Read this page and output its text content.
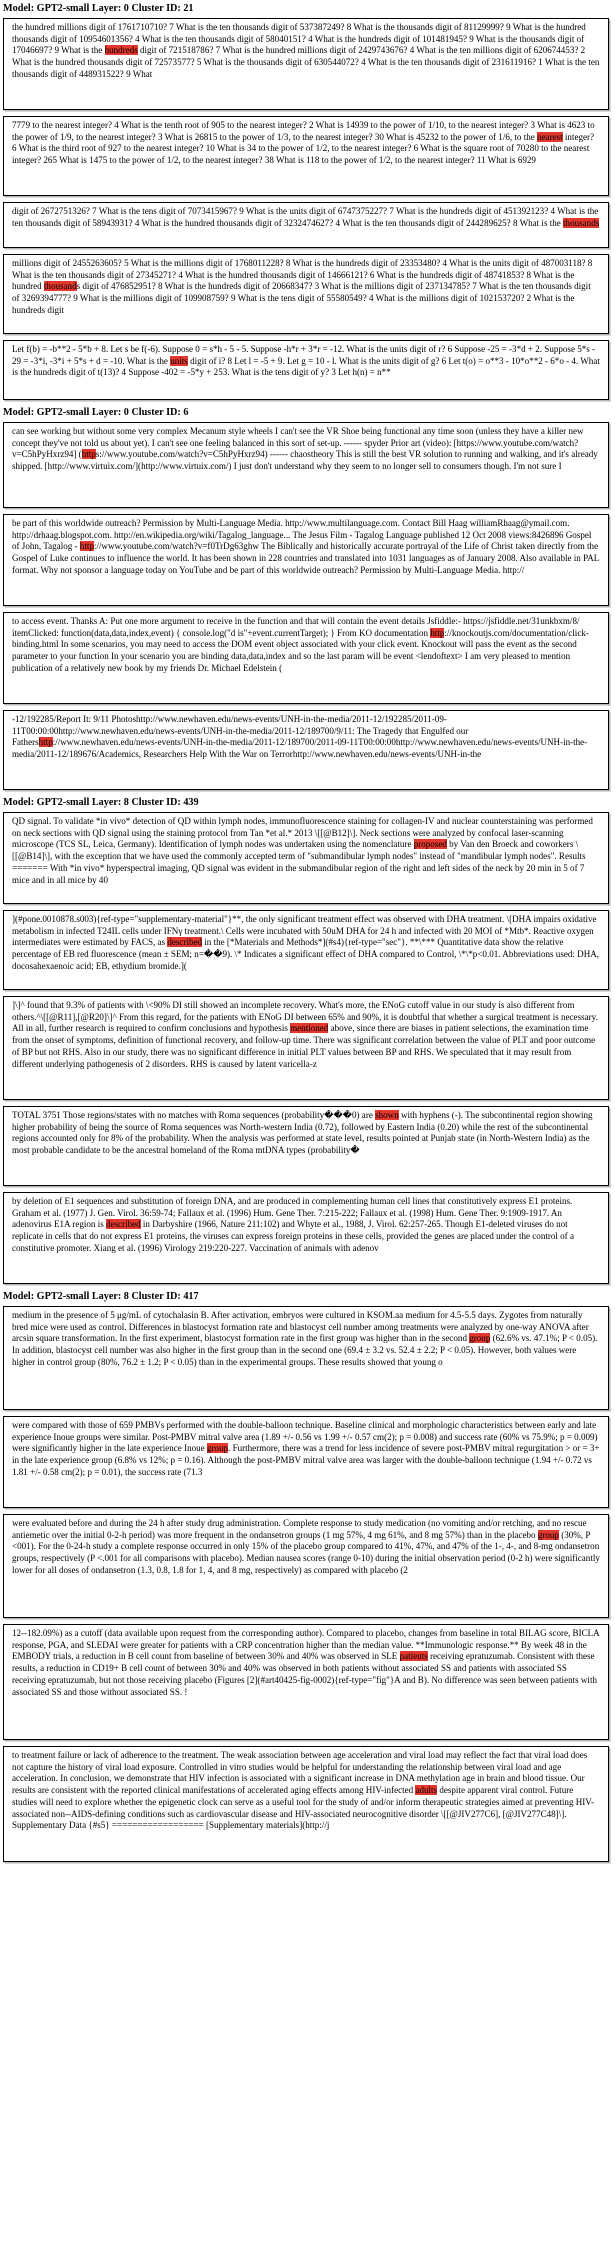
Model: GPT2-small Layer: 0 Cluster ID: 21
the hundred millions digit of 1761710710? 7 What is the ten thousands digit of 537387249? 8 What is the thousands digit of 81129999? 9 What is the hundred thousands digit of 10954601356? 4 What is the ten thousands digit of 58040151? 4 What is the hundreds digit of 101481945? 9 What is the thousands digit of 17046697? 9 What is the hundreds digit of 721518786? 7 What is the hundred millions digit of 2429743676? 4 What is the ten millions digit of 620674453? 2 What is the hundred thousands digit of 72573577? 5 What is the thousands digit of 630544072? 4 What is the ten thousands digit of 231611916? 1 What is the ten thousands digit of 448931522? 9 What
7779 to the nearest integer? 4 What is the tenth root of 905 to the nearest integer? 2 What is 14939 to the power of 1/10, to the nearest integer? 3 What is 4623 to the power of 1/9, to the nearest integer? 3 What is 26815 to the power of 1/3, to the nearest integer? 30 What is 45232 to the power of 1/6, to the nearest integer? 6 What is the third root of 927 to the nearest integer? 10 What is 34 to the power of 1/2, to the nearest integer? 6 What is the square root of 70280 to the nearest integer? 265 What is 1475 to the power of 1/2, to the nearest integer? 38 What is 118 to the power of 1/2, to the nearest integer? 11 What is 6929
digit of 2672751326? 7 What is the tens digit of 7073415967? 9 What is the units digit of 6747375227? 7 What is the hundreds digit of 451392123? 4 What is the ten thousands digit of 58943931? 4 What is the hundred thousands digit of 3232474627? 4 What is the ten thousands digit of 244289625? 8 What is the thousands
millions digit of 2455263605? 5 What is the millions digit of 1768011228? 8 What is the hundreds digit of 23353480? 4 What is the units digit of 487003118? 8 What is the ten thousands digit of 27345271? 4 What is the hundred thousands digit of 14666121? 6 What is the hundreds digit of 48741853? 8 What is the hundred thousands digit of 476852951? 8 What is the hundreds digit of 20668347? 3 What is the millions digit of 237134785? 7 What is the ten thousands digit of 3269394777? 9 What is the millions digit of 109908759? 9 What is the tens digit of 55580549? 4 What is the millions digit of 102153720? 2 What is the hundreds digit
Let f(b) = -b**2 - 5*b + 8. Let s be f(-6). Suppose 0 = s*h - 5 - 5. Suppose -h*r + 3*r = -12. What is the units digit of r? 6 Suppose -25 = -3*d + 2. Suppose 5*s - 29 = -3*i, -3*i + 5*s + d = -10. What is the units digit of i? 8 Let l = -5 + 9. Let g = 10 - l. What is the units digit of g? 6 Let t(o) = o**3 - 10*o**2 - 6*o - 4. What is the hundreds digit of t(13)? 4 Suppose -402 = -5*y + 253. What is the tens digit of y? 3 Let h(n) = n**
Model: GPT2-small Layer: 0 Cluster ID: 6
can see working but without some very complex Mecanum style wheels I can't see the VR Shoe being functional any time soon (unless they have a killer new concept they've not told us about yet). I can't see one feeling balanced in this sort of set-up. ------ spyder Prior art (video): [https://www.youtube.com/watch?v=C5hPyHxrz94] (https://www.youtube.com/watch?v=C5hPyHxrz94) ------ chaostheory This is still the best VR solution to running and walking, and it's already shipped. [http://www.virtuix.com/](http://www.virtuix.com/) I just don't understand why they seem to no longer sell to consumers though. I'm not sure I
be part of this worldwide outreach? Permission by Multi-Language Media. http://www.multilanguage.com. Contact Bill Haag williamRhaag@ymail.com. http://drhaag.blogspot.com. http://en.wikipedia.org/wiki/Tagalog_language... The Jesus Film - Tagalog Language published 12 Oct 2008 views:8426896 Gospel of John, Tagalog - http://www.youtube.com/watch?v=f0TrDg63ghw The Biblically and historically accurate portrayal of the Life of Christ taken directly from the Gospel of Luke continues to influence the world. It has been shown in 228 countries and translated into 1031 languages as of January 2008. Also available in PAL format. Why not sponsor a language today on YouTube and be part of this worldwide outreach? Permission by Multi-Language Media. http://
to access event. Thanks A: Put one more argument to receive in the function and that will contain the event details Jsfiddle:- https://jsfiddle.net/31unkbxm/8/ itemClicked: function(data,data,index,event) { console.log("d is"+event.currentTarget); } From KO documentation http://knockoutjs.com/documentation/click-binding.html In some scenarios, you may need to access the DOM event object associated with your click event. Knockout will pass the event as the second parameter to your function In your scenario you are binding data,data,index and so the last param will be event <lendoftext> I am very pleased to mention publication of a relatively new book by my friends Dr. Michael Edelstein (
-12/192285/Report It: 9/11 Photoshttp://www.newhaven.edu/news-events/UNH-in-the-media/2011-12/192285/2011-09-11T00:00:00http://www.newhaven.edu/news-events/UNH-in-the-media/2011-12/189700/9/11: The Tragedy that Engulfed our Fathershttp://www.newhaven.edu/news-events/UNH-in-the-media/2011-12/189700/2011-09-11T00:00:00http://www.newhaven.edu/news-events/UNH-in-the-media/2011-12/189676/Academics, Researchers Help With the War on Terrorhttp://www.newhaven.edu/news-events/UNH-in-the
Model: GPT2-small Layer: 8 Cluster ID: 439
QD signal. To validate *in vivo* detection of QD within lymph nodes, immunofluorescence staining for collagen-IV and nuclear counterstaining was performed on neck sections with QD signal using the staining protocol from Tan *et al.* 2013 \[[@B12]\]. Neck sections were analyzed by confocal laser-scanning microscope (TCS SL, Leica, Germany). Identification of lymph nodes was undertaken using the nomenclature proposed by Van den Broeck and coworkers \[[@B14]\], with the exception that we have used the commonly accepted term of "submandibular lymph nodes" instead of "mandibular lymph nodes". Results ======= With *in vivo* hyperspectral imaging, QD signal was evident in the submandibular region of the right and left sides of the neck by 20 min in 5 of 7 mice and in all mice by 40
](#pone.0010878.s003){ref-type="supplementary-material"}**, the only significant treatment effect was observed with DHA treatment. \[DHA impairs oxidative metabolism in infected T24IL cells under IFNγ treatment.\ Cells were incubated with 50uM DHA for 24 h and infected with 20 MOI of *Mtb*. Reactive oxygen intermediates were estimated by FACS, as described in the [*Materials and Methods*](#s4){ref-type="sec"}. **\*** Quantitative data show the relative percentage of EB red fluorescence (mean ± SEM; n=��9). \* Indicates a significant effect of DHA compared to Control, \*\*p<0.01. Abbreviations used: DHA, docosahexaenoic acid; EB, ethydium bromide.](
]\]^ found that 9.3% of patients with \<90% DI still showed an incomplete recovery. What's more, the ENoG cutoff value in our study is also different from others.^\[[@R11],[@R20]\]^ From this regard, for the patients with ENoG DI between 65% and 90%, it is doubtful that whether a surgical treatment is necessary. All in all, further research is required to confirm conclusions and hypothesis mentioned above, since there are biases in patient selections, the examination time from the onset of symptoms, definition of functional recovery, and follow-up time. There was significant correlation between the value of PLT and poor outcome of BP but not RHS. Also in our study, there was no significant difference in initial PLT values between BP and RHS. We speculated that it may result from different underlying pathogenesis of 2 disorders. RHS is caused by latent varicella-z
TOTAL 3751 Those regions/states with no matches with Roma sequences (probability���0) are shown with hyphens (-). The subcontinental region showing higher probability of being the source of Roma sequences was North-western India (0.72), followed by Eastern India (0.20) while the rest of the subcontinental regions accounted only for 8% of the probability. When the analysis was performed at state level, results pointed at Punjab state (in North-Western India) as the most probable candidate to be the ancestral homeland of the Roma mtDNA types (probability�
by deletion of E1 sequences and substitution of foreign DNA, and are produced in complementing human cell lines that constitutively express E1 proteins. Graham et al. (1977) J. Gen. Virol. 36:59-74; Fallaux et al. (1996) Hum. Gene Ther. 7:215-222; Fallaux et al. (1998) Hum. Gene Ther. 9:1909-1917. An adenovirus E1A region is described in Darbyshire (1966, Nature 211:102) and Whyte et al., 1988, J. Virol. 62:257-265. Though E1-deleted viruses do not replicate in cells that do not express E1 proteins, the viruses can express foreign proteins in these cells, provided the genes are placed under the control of a constitutive promoter. Xiang et al. (1996) Virology 219:220-227. Vaccination of animals with adenov
Model: GPT2-small Layer: 8 Cluster ID: 417
medium in the presence of 5 μg/mL of cytochalasin B. After activation, embryos were cultured in KSOM.aa medium for 4.5-5.5 days. Zygotes from naturally bred mice were used as control. Differences in blastocyst formation rate and blastocyst cell number among treatments were analyzed by one-way ANOVA after arcsin square transformation. In the first experiment, blastocyst formation rate in the first group was higher than in the second group (62.6% vs. 47.1%; P < 0.05). In addition, blastocyst cell number was also higher in the first group than in the second one (69.4 ± 3.2 vs. 52.4 ± 2.2; P < 0.05). However, both values were higher in control group (80%, 76.2 ± 1.2; P < 0.05) than in the experimental groups. These results showed that young o
were compared with those of 659 PMBVs performed with the double-balloon technique. Baseline clinical and morphologic characteristics between early and late experience Inoue groups were similar. Post-PMBV mitral valve area (1.89 +/- 0.56 vs 1.99 +/- 0.57 cm(2); p = 0.008) and success rate (60% vs 75.9%; p = 0.009) were significantly higher in the late experience Inoue group. Furthermore, there was a trend for less incidence of severe post-PMBV mitral regurgitation > or = 3+ in the late experience group (6.8% vs 12%; p = 0.16). Although the post-PMBV mitral valve area was larger with the double-balloon technique (1.94 +/- 0.72 vs 1.81 +/- 0.58 cm(2); p = 0.01), the success rate (71.3
were evaluated before and during the 24 h after study drug administration. Complete response to study medication (no vomiting and/or retching, and no rescue antiemetic over the initial 0-2-h period) was more frequent in the ondansetron groups (1 mg 57%, 4 mg 61%, and 8 mg 57%) than in the placebo group (30%, P <001). For the 0-24-h study a complete response occurred in only 15% of the placebo group compared to 41%, 47%, and 47% of the 1-, 4-, and 8-mg ondansetron groups, respectively (P <.001 for all comparisons with placebo). Median nausea scores (range 0-10) during the initial observation period (0-2 h) were significantly lower for all doses of ondansetron (1.3, 0.8, 1.8 for 1, 4, and 8 mg, respectively) as compared with placebo (2
12--182.09%) as a cutoff (data available upon request from the corresponding author). Compared to placebo, changes from baseline in total BILAG score, BICLA response, PGA, and SLEDAI were greater for patients with a CRP concentration higher than the median value. **Immunologic response.** By week 48 in the EMBODY trials, a reduction in B cell count from baseline of between 30% and 40% was observed in SLE patients receiving epratuzumab. Consistent with these results, a reduction in CD19+ B cell count of between 30% and 40% was observed in both patients without associated SS and patients with associated SS receiving epratuzumab, but not those receiving placebo (Figures [2](#art40425-fig-0002){ref-type="fig"}A and B). No difference was seen between patients with associated SS and those without associated SS. !
to treatment failure or lack of adherence to the treatment. The weak association between age acceleration and viral load may reflect the fact that viral load does not capture the history of viral load exposure. Controlled in vitro studies would be helpful for understanding the relationship between viral load and age acceleration. In conclusion, we demonstrate that HIV infection is associated with a significant increase in DNA methylation age in brain and blood tissue. Our results are consistent with the reported clinical manifestations of accelerated aging effects among HIV-infected adults despite apparent viral control. Future studies will need to explore whether the epigenetic clock can serve as a useful tool for the study of and/or inform therapeutic strategies aimed at preventing HIV-associated non--AIDS-defining conditions such as cardiovascular disease and HIV-associated neurocognitive disorder \[[@JIV277C6], [@JIV277C48]\]. Supplementary Data {#s5} ================== [Supplementary materials](http://j
